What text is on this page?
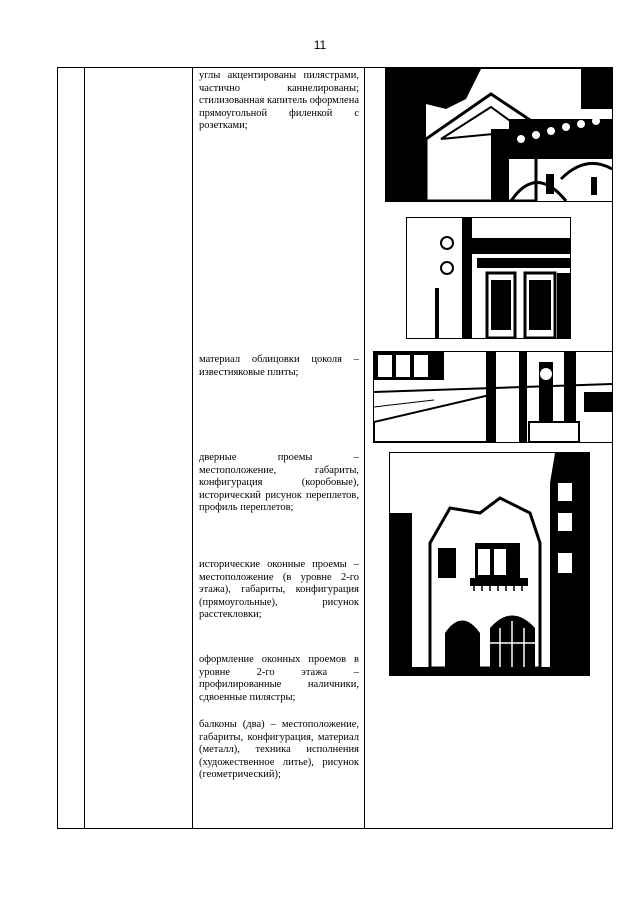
11

углы акцентированы пилястрами, частично каннелированы; стилизованная капитель оформлена прямоугольной филенкой с розетками;
материал облицовки цоколя – известняковые плиты;
дверные проемы – местоположение, габариты, конфигурация (коробовые), исторический рисунок переплетов, профиль переплетов;
исторические оконные проемы – местоположение (в уровне 2-го этажа), габариты, конфигурация (прямоугольные), рисунок расстекловки;
оформление оконных проемов в уровне 2-го этажа – профилированные наличники, сдвоенные пилястры;
балконы (два) – местоположение, габариты, конфигурация, материал (металл), техника исполнения (художественное литье), рисунок (геометрический);
